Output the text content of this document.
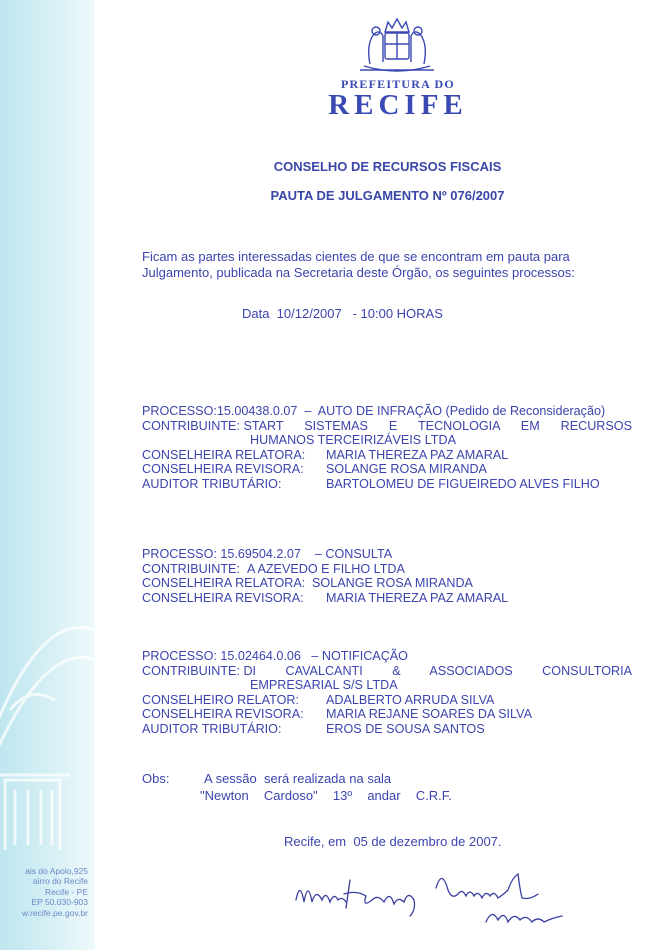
ais do Apolo,925
airro do Recife
Recife - PE
EP 50.030-903
w.recife.pe.gov.br
PREFEITURA DO
RECIFE
CONSELHO DE RECURSOS FISCAIS
PAUTA DE JULGAMENTO Nº 076/2007
Ficam as partes interessadas cientes de que se encontram em pauta para
Julgamento, publicada na Secretaria deste Órgão, os seguintes processos:
Data  10/12/2007   - 10:00 HORAS
PROCESSO:15.00438.0.07 –  AUTO DE INFRAÇÃO (Pedido de Reconsideração)
CONTRIBUINTE: START  SISTEMAS  E  TECNOLOGIA  EM  RECURSOS
HUMANOS TERCEIRIZÁVEIS LTDA
CONSELHEIRA RELATORA:	MARIA THEREZA PAZ AMARAL
CONSELHEIRA REVISORA:	SOLANGE ROSA MIRANDA
AUDITOR TRIBUTÁRIO:	BARTOLOMEU DE FIGUEIREDO ALVES FILHO
PROCESSO: 15.69504.2.07 – CONSULTA
CONTRIBUINTE: A AZEVEDO E FILHO LTDA
CONSELHEIRA RELATORA: SOLANGE ROSA MIRANDA
CONSELHEIRA REVISORA:	MARIA THEREZA PAZ AMARAL
PROCESSO: 15.02464.0.06 – NOTIFICAÇÃO
CONTRIBUINTE: DI  CAVALCANTI  &  ASSOCIADOS  CONSULTORIA
EMPRESARIAL S/S LTDA
CONSELHEIRO RELATOR:	ADALBERTO ARRUDA SILVA
CONSELHEIRA REVISORA:	MARIA REJANE SOARES DA SILVA
AUDITOR TRIBUTÁRIO:	EROS DE SOUSA SANTOS
Obs:	A sessão  será realizada na sala
"Newton  Cardoso"  13º  andar  C.R.F.
Recife, em  05 de dezembro de 2007.
